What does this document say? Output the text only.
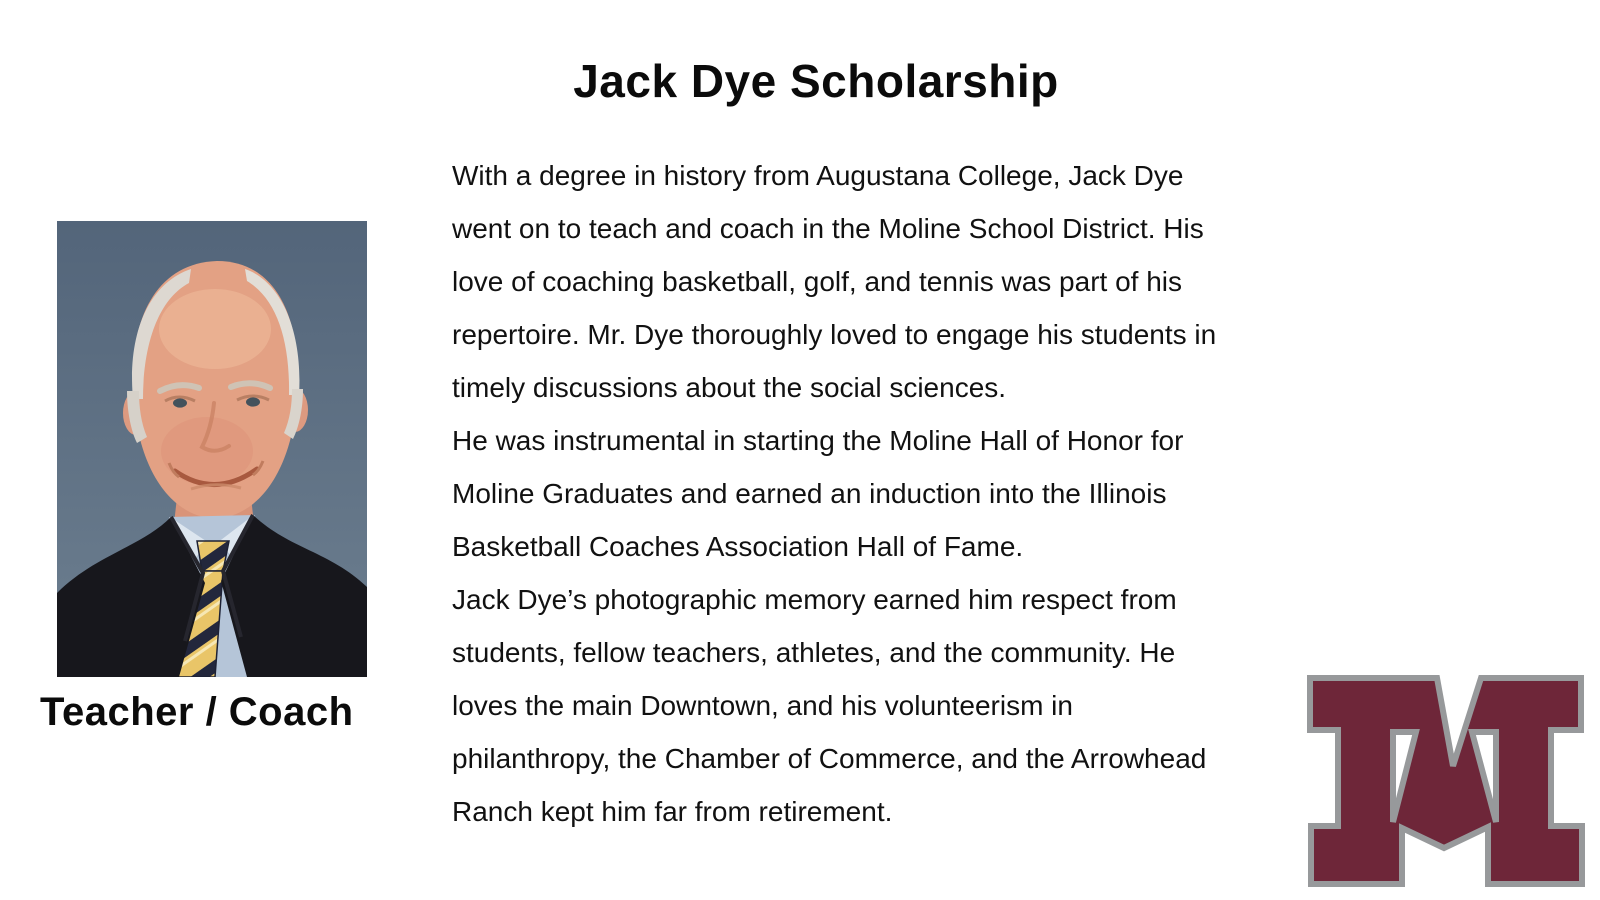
Jack Dye Scholarship
Teacher / Coach
With a degree in history from Augustana College, Jack Dye
went on to teach and coach in the Moline School District. His
love of coaching basketball, golf, and tennis was part of his
repertoire. Mr. Dye thoroughly loved to engage his students in
timely discussions about the social sciences.
He was instrumental in starting the Moline Hall of Honor for
Moline Graduates and earned an induction into the Illinois
Basketball Coaches Association Hall of Fame.
Jack Dye’s photographic memory earned him respect from
students, fellow teachers, athletes, and the community. He
loves the main Downtown, and his volunteerism in
philanthropy, the Chamber of Commerce, and the Arrowhead
Ranch kept him far from retirement.
